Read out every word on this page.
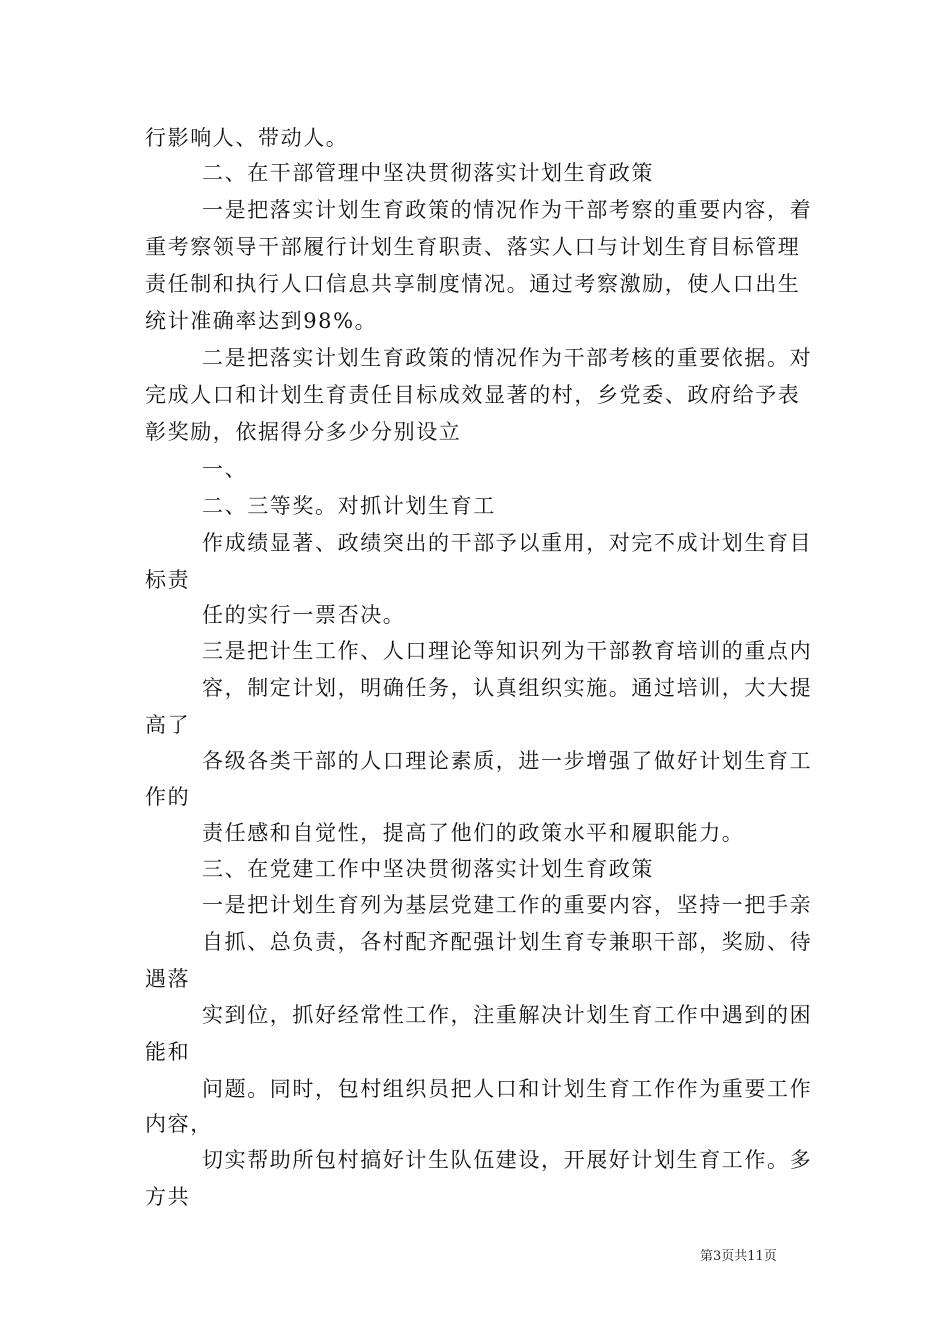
行影响人、带动人。
二、在干部管理中坚决贯彻落实计划生育政策
一是把落实计划生育政策的情况作为干部考察的重要内容，着
重考察领导干部履行计划生育职责、落实人口与计划生育目标管理
责任制和执行人口信息共享制度情况。通过考察激励，使人口出生
统计准确率达到98%。
二是把落实计划生育政策的情况作为干部考核的重要依据。对
完成人口和计划生育责任目标成效显著的村，乡党委、政府给予表
彰奖励，依据得分多少分别设立
一、
二、三等奖。对抓计划生育工
作成绩显著、政绩突出的干部予以重用，对完不成计划生育目
标责
任的实行一票否决。
三是把计生工作、人口理论等知识列为干部教育培训的重点内
容，制定计划，明确任务，认真组织实施。通过培训，大大提
高了
各级各类干部的人口理论素质，进一步增强了做好计划生育工
作的
责任感和自觉性，提高了他们的政策水平和履职能力。
三、在党建工作中坚决贯彻落实计划生育政策
一是把计划生育列为基层党建工作的重要内容，坚持一把手亲
自抓、总负责，各村配齐配强计划生育专兼职干部，奖励、待
遇落
实到位，抓好经常性工作，注重解决计划生育工作中遇到的困
能和
问题。同时，包村组织员把人口和计划生育工作作为重要工作
内容，
切实帮助所包村搞好计生队伍建设，开展好计划生育工作。多
方共
第3页共11页
